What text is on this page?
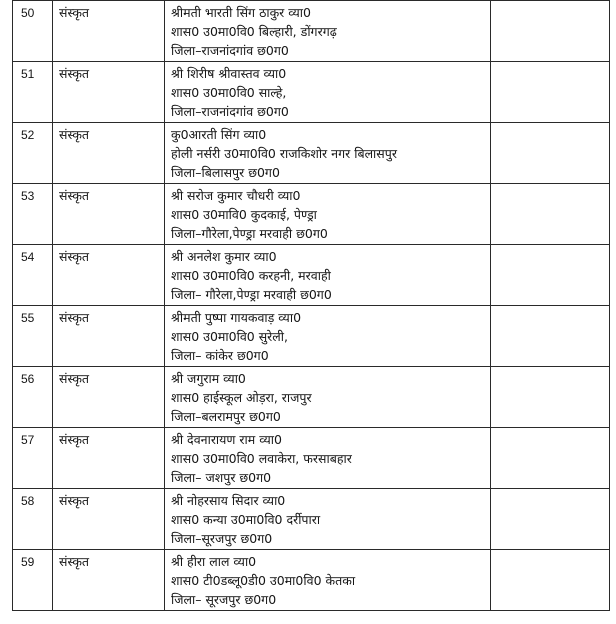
50	संस्कृत	श्रीमती भारती सिंग ठाकुर व्या0
शास0 उ0मा0वि0 बिल्हारी, डोंगरगढ़
जिला–राजनांदगांव छ0ग0	

51	संस्कृत	श्री शिरीष श्रीवास्तव व्या0
शास0 उ0मा0वि0 साल्हे,
जिला–राजनांदगांव छ0ग0	

52	संस्कृत	कु0आरती सिंग व्या0
होली नर्सरी उ0मा0वि0 राजकिशोर नगर बिलासपुर
जिला–बिलासपुर छ0ग0	

53	संस्कृत	श्री सरोज कुमार चौधरी व्या0
शास0 उ0मावि0 कुदकाई, पेण्ड्रा
जिला–गौरेला,पेण्ड्रा मरवाही छ0ग0	

54	संस्कृत	श्री अनलेश कुमार व्या0
शास0 उ0मा0वि0 करहनी, मरवाही
जिला– गौरेला,पेण्ड्रा मरवाही छ0ग0	

55	संस्कृत	श्रीमती पुष्पा गायकवाड़ व्या0
शास0 उ0मा0वि0 सुरेली,
जिला– कांकेर छ0ग0	

56	संस्कृत	श्री जगुराम व्या0
शास0 हाईस्कूल ओड़रा, राजपुर
जिला–बलरामपुर छ0ग0	

57	संस्कृत	श्री देवनारायण राम व्या0
शास0 उ0मा0वि0 लवाकेरा, फरसाबहार
जिला– जशपुर छ0ग0	

58	संस्कृत	श्री नोहरसाय सिदार व्या0
शास0 कन्या उ0मा0वि0 दर्रीपारा
जिला–सूरजपुर छ0ग0	

59	संस्कृत	श्री हीरा लाल व्या0
शास0 टी0डब्लू0डी0 उ0मा0वि0 केतका
जिला– सूरजपुर छ0ग0	
